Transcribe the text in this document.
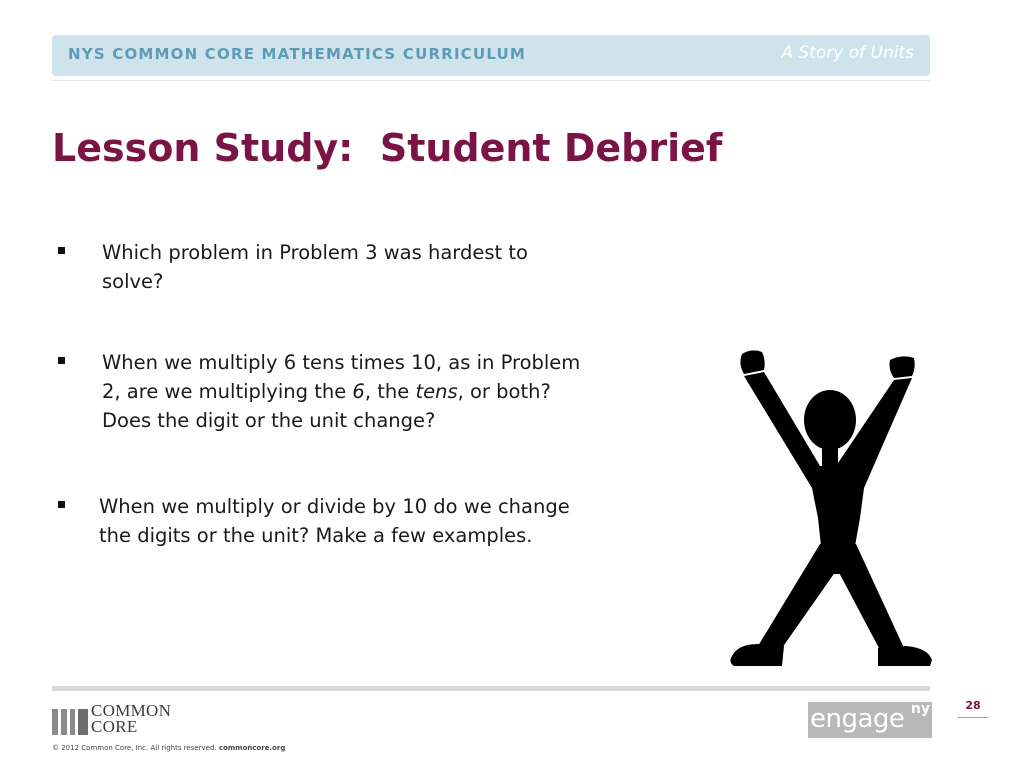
NYS COMMON CORE MATHEMATICS CURRICULUM	A Story of Units
Lesson Study:  Student Debrief
Which problem in Problem 3 was hardest to
solve?
When we multiply 6 tens times 10, as in Problem
2, are we multiplying the 6, the tens, or both?
Does the digit or the unit change?
When we multiply or divide by 10 do we change
the digits or the unit? Make a few examples.
COMMON
CORE
© 2012 Common Core, Inc. All rights reserved. commoncore.org
engage ny	28
